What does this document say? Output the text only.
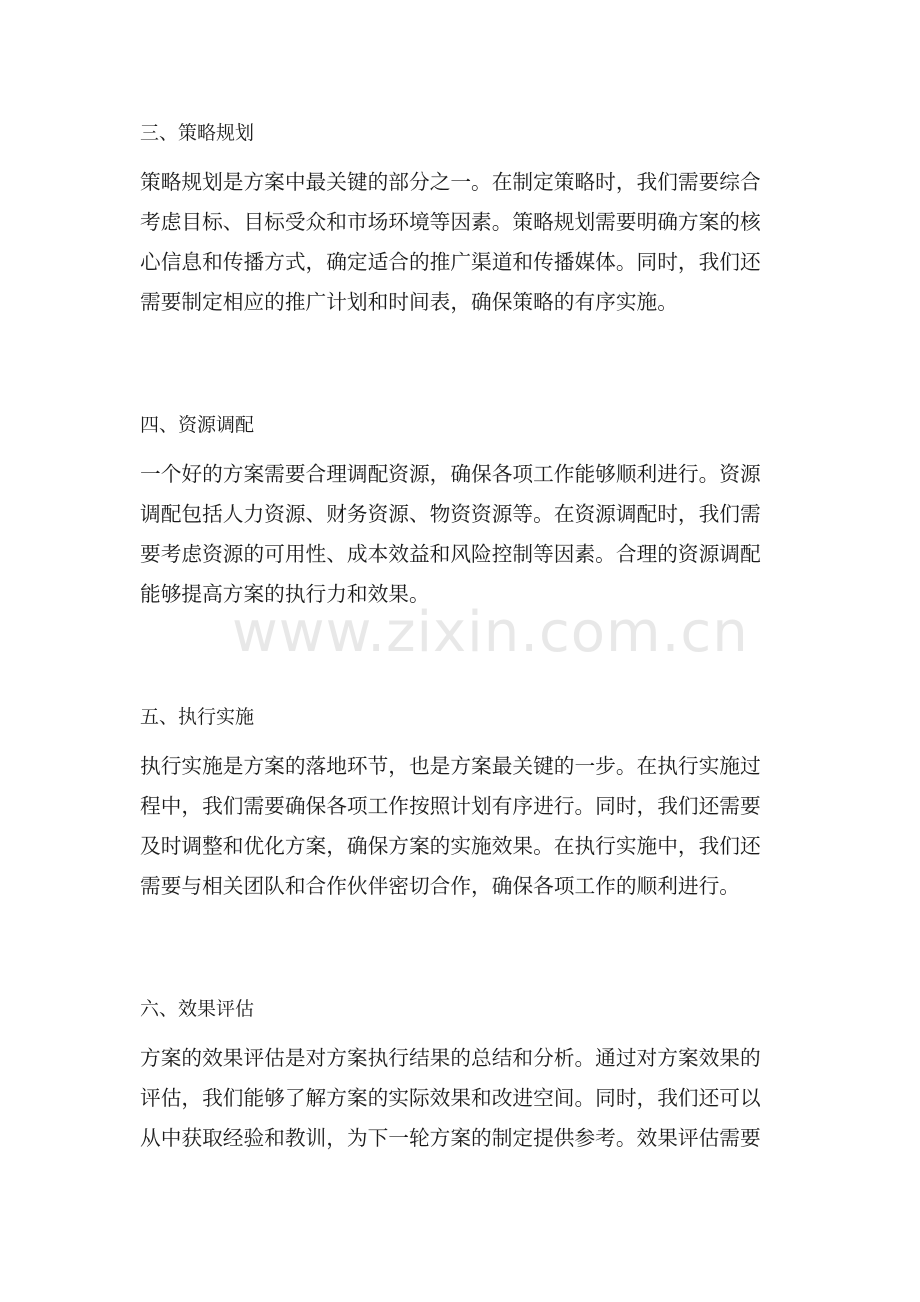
三、策略规划
策略规划是方案中最关键的部分之一。在制定策略时，我们需要综合
考虑目标、目标受众和市场环境等因素。策略规划需要明确方案的核
心信息和传播方式，确定适合的推广渠道和传播媒体。同时，我们还
需要制定相应的推广计划和时间表，确保策略的有序实施。
四、资源调配
一个好的方案需要合理调配资源，确保各项工作能够顺利进行。资源
调配包括人力资源、财务资源、物资资源等。在资源调配时，我们需
要考虑资源的可用性、成本效益和风险控制等因素。合理的资源调配
能够提高方案的执行力和效果。
五、执行实施
执行实施是方案的落地环节，也是方案最关键的一步。在执行实施过
程中，我们需要确保各项工作按照计划有序进行。同时，我们还需要
及时调整和优化方案，确保方案的实施效果。在执行实施中，我们还
需要与相关团队和合作伙伴密切合作，确保各项工作的顺利进行。
六、效果评估
方案的效果评估是对方案执行结果的总结和分析。通过对方案效果的
评估，我们能够了解方案的实际效果和改进空间。同时，我们还可以
从中获取经验和教训，为下一轮方案的制定提供参考。效果评估需要
www.zixin.com.cn
